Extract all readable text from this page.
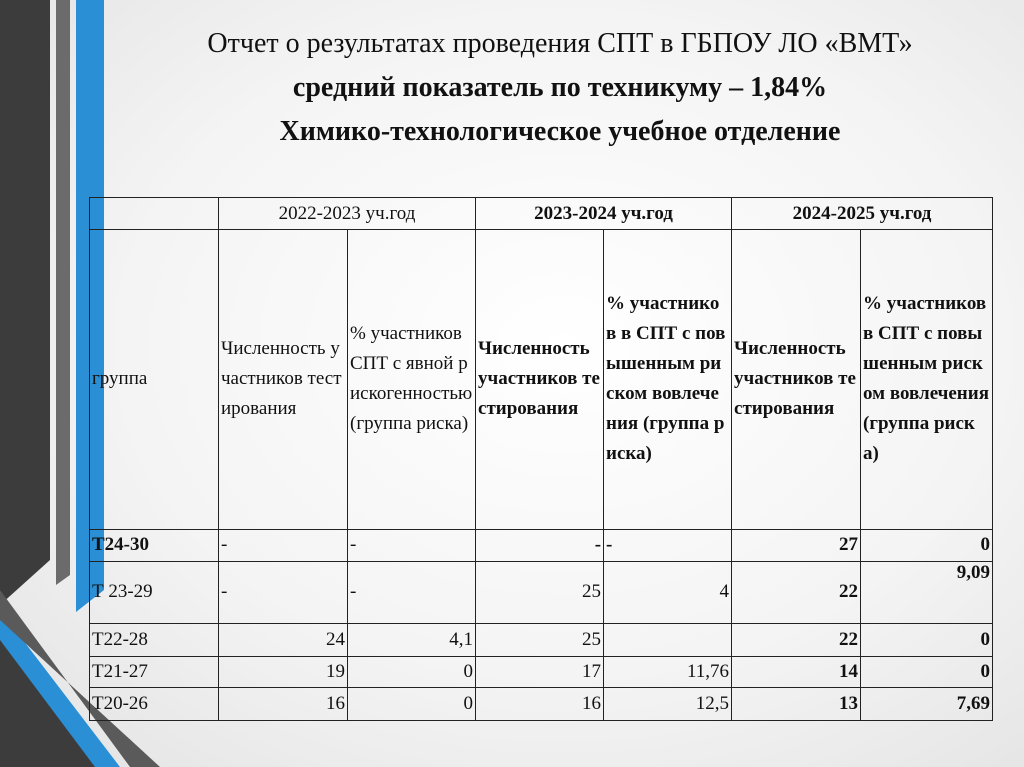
Отчет о результатах проведения СПТ в ГБПОУ ЛО «ВМТ»

средний показатель по техникуму – 1,84%

Химико-технологическое учебное отделение

	2022-2023 уч.год		2023-2024 уч.год		2024-2025 уч.год	
группа	Численность участников тестирования	% участников СПТ с явной рискогенностью (группа риска)	Численность участников тестирования	% участников в СПТ с повышенным риском вовлечения (группа риска)	Численность участников тестирования	% участников в СПТ с повышенным риском вовлечения (группа риска)
Т24-30	-	-	-	-	27	0
Т 23-29	-	-	25	4	22	9,09
Т22-28	24	4,1	25		22	0
Т21-27	19	0	17	11,76	14	0
Т20-26	16	0	16	12,5	13	7,69
